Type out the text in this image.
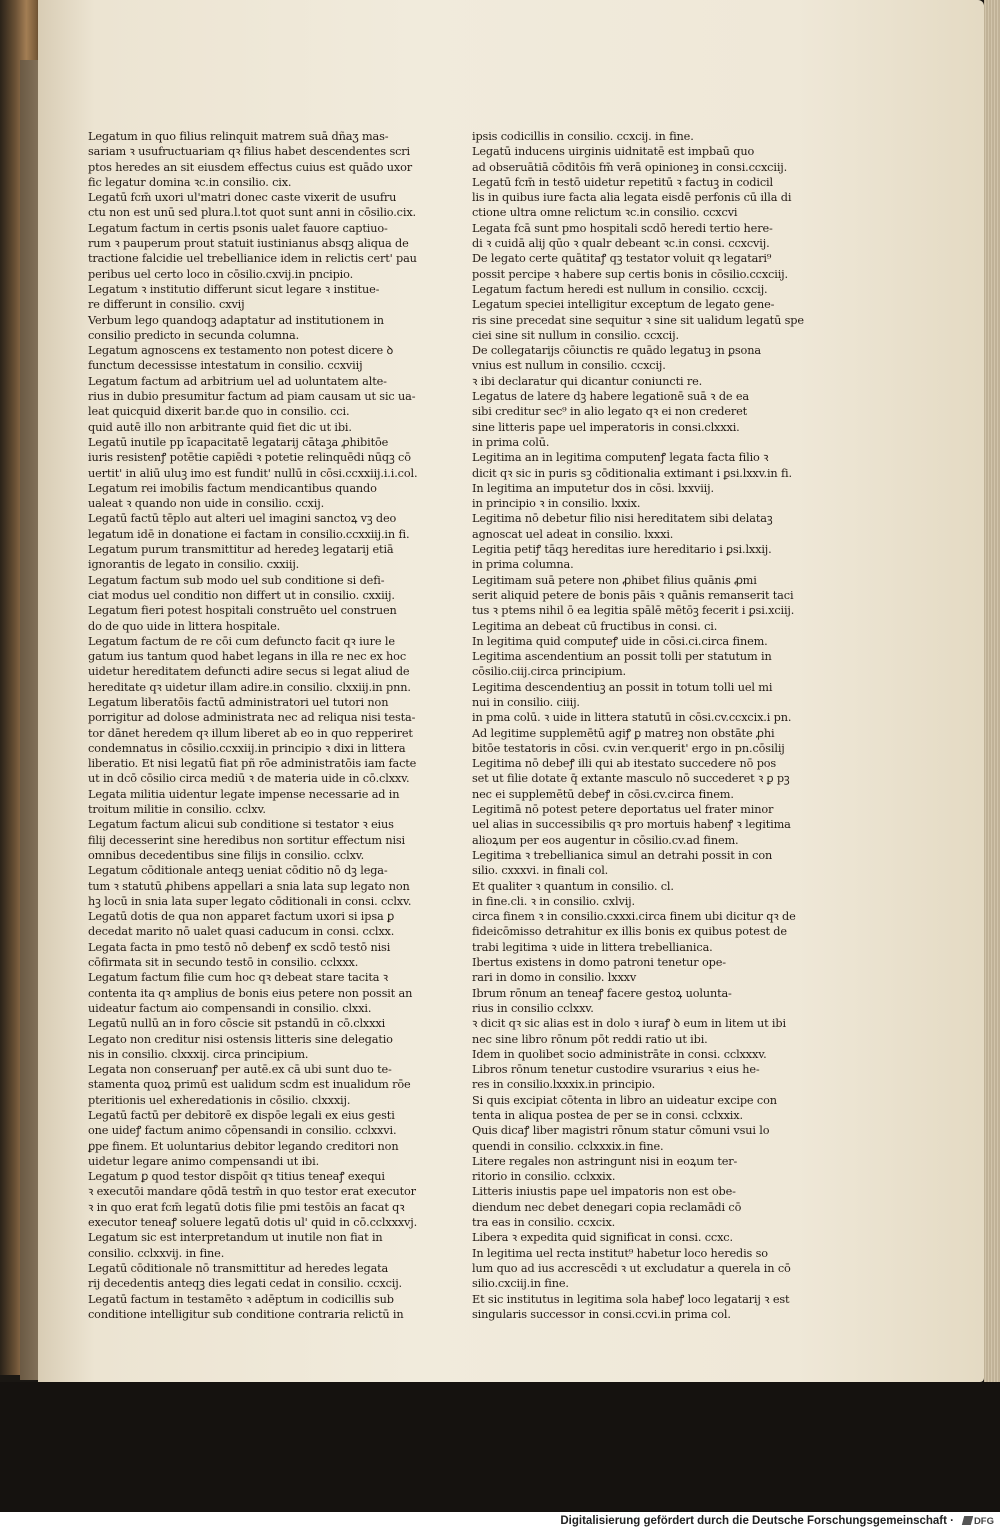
Legatum in quo filius relinquit matrem suā dñaʒ mas-
sariam ꝛ usufructuariam qꝛ filius habet descendentes scri
ptos heredes an sit eiusdem effectus cuius est quādo uxor
fic legatur domina ꝛc.in consilio. cix.
Legatū fcm̄ uxori ul'matri donec caste vixerit de usufru
ctu non est unū sed plura.l.tot quot sunt anni in cōsilio.cix.
Legatum factum in certis psonis ualet fauore captiuo-
rum ꝛ pauperum prout statuit iustinianus absqꝫ aliqua de
tractione falcidie uel trebellianice idem in relictis cert' pau
peribus uel certo loco in cōsilio.cxvij.in pncipio.
Legatum ꝛ institutio differunt sicut legare ꝛ institue-
re differunt in consilio. cxvij
Verbum lego quandoqꝫ adaptatur ad institutionem in
consilio predicto in secunda columna.
Legatum agnoscens ex testamento non potest dicere ꝺ
functum decessisse intestatum in consilio. ccxviij
Legatum factum ad arbitrium uel ad uoluntatem alte-
rius in dubio presumitur factum ad piam causam ut sic ua-
leat quicquid dixerit bar.de quo in consilio. cci.
quid autē illo non arbitrante quid fiet dic ut ibi.
Legatū inutile pp īcapacitatē legatarij cātaꝫa ꝓhibitōe
iuris resistenꝭ potētie capiēdi ꝛ potetie relinquēdi nūqꝫ cō
uertit' in aliū uluꝫ imo est fundit' nullū in cōsi.ccxxiij.i.i.col.
Legatum rei imobilis factum mendicantibus quando
ualeat ꝛ quando non uide in consilio. ccxij.
Legatū factū tēplo aut alteri uel imagini sanctoꝝ vꝫ deo
legatum idē in donatione ei factam in consilio.ccxxiij.in fi.
Legatum purum transmittitur ad heredeꝫ legatarij etiā
ignorantis de legato in consilio. cxxiij.
Legatum factum sub modo uel sub conditione si defi-
ciat modus uel conditio non differt ut in consilio. cxxiij.
Legatum fieri potest hospitali construēto uel construen
do de quo uide in littera hospitale.
Legatum factum de re cōi cum defuncto facit qꝛ iure le
gatum ius tantum quod habet legans in illa re nec ex hoc
uidetur hereditatem defuncti adire secus si legat aliud de
hereditate qꝛ uidetur illam adire.in consilio. clxxiij.in pnn.
Legatum liberatōis factū administratori uel tutori non
porrigitur ad dolose administrata nec ad reliqua nisi testa-
tor dānet heredem qꝛ illum liberet ab eo in quo repperiret
condemnatus in cōsilio.ccxxiij.in principio ꝛ dixi in littera
liberatio. Et nisi legatū fiat pñ rōe administratōis iam facte
ut in dcō cōsilio circa mediū ꝛ de materia uide in cō.clxxv.
Legata militia uidentur legate impense necessarie ad in
troitum militie in consilio. cclxv.
Legatum factum alicui sub conditione si testator ꝛ eius
filij decesserint sine heredibus non sortitur effectum nisi
omnibus decedentibus sine filijs in consilio. cclxv.
Legatum cōditionale anteqꝫ ueniat cōditio nō dꝫ lega-
tum ꝛ statutū ꝓhibens appellari a snia lata sup legato non
hꝫ locū in snia lata super legato cōditionali in consi. cclxv.
Legatū dotis de qua non apparet factum uxori si ipsa ꝑ
decedat marito nō ualet quasi caducum in consi. cclxx.
Legata facta in pmo testō nō debenꝭ ex scdō testō nisi
cōfirmata sit in secundo testō in consilio. cclxxx.
Legatum factum filie cum hoc qꝛ debeat stare tacita ꝛ
contenta ita qꝛ amplius de bonis eius petere non possit an
uideatur factum aio compensandi in consilio. clxxi.
Legatū nullū an in foro cōscie sit pstandū in cō.clxxxi
Legato non creditur nisi ostensis litteris sine delegatio
nis in consilio. clxxxij. circa principium.
Legata non conseruanꝭ per autē.ex cā ubi sunt duo te-
stamenta quoꝝ primū est ualidum scdm est inualidum rōe
pteritionis uel exheredationis in cōsilio. clxxxij.
Legatū factū per debitorē ex dispōe legali ex eius gesti
one uideꝭ factum animo cōpensandi in consilio. cclxxvi.
ꝑpe finem. Et uoluntarius debitor legando creditori non
uidetur legare animo compensandi ut ibi.
Legatum ꝑ quod testor dispōit qꝛ titius teneaꝭ exequi
ꝛ executōi mandare qōdā testm̄ in quo testor erat executor
ꝛ in quo erat fcm̄ legatū dotis filie pmi testōis an facat qꝛ
executor teneaꝭ soluere legatū dotis ul' quid in cō.cclxxxvj.
Legatum sic est interpretandum ut inutile non fiat in
consilio. cclxxvij. in fine.
Legatū cōditionale nō transmittitur ad heredes legata
rij decedentis anteqꝫ dies legati cedat in consilio. ccxcij.
Legatū factum in testamēto ꝛ adēptum in codicillis sub
conditione intelligitur sub conditione contraria relictū in
ipsis codicillis in consilio. ccxcij. in fine.
Legatū inducens uirginis uidnitatē est impbaū quo
ad obseruātiā cōditōis fm̄ verā opinioneꝫ in consi.ccxciij.
Legatū fcm̄ in testō uidetur repetitū ꝛ factuꝫ in codicil
lis in quibus iure facta alia legata eisdē perfonis cū illa di
ctione ultra omne relictum ꝛc.in consilio. ccxcvi
Legata fcā sunt pmo hospitali scdō heredi tertio here-
di ꝛ cuidā alij qūo ꝛ qualr debeant ꝛc.in consi. ccxcvij.
De legato certe quātitaꝭ qꝫ testator voluit qꝛ legatari⁹
possit percipe ꝛ habere sup certis bonis in cōsilio.ccxciij.
Legatum factum heredi est nullum in consilio. ccxcij.
Legatum speciei intelligitur exceptum de legato gene-
ris sine precedat sine sequitur ꝛ sine sit ualidum legatū spe
ciei sine sit nullum in consilio. ccxcij.
De collegatarijs cōiunctis re quādo legatuꝫ in ꝑsona
vnius est nullum in consilio. ccxcij.
ꝛ ibi declaratur qui dicantur coniuncti re.
Legatus de latere dꝫ habere legationē suā ꝛ de ea
sibi creditur sec⁹ in alio legato qꝛ ei non crederet
sine litteris pape uel imperatoris in consi.clxxxi.
in prima colū.
Legitima an in legitima computenꝭ legata facta filio ꝛ
dicit qꝛ sic in puris sꝫ cōditionalia extimant i ꝑsi.lxxv.in fi.
In legitima an imputetur dos in cōsi. lxxviij.
in principio ꝛ in consilio. lxxix.
Legitima nō debetur filio nisi hereditatem sibi delataꝫ
agnoscat uel adeat in consilio. lxxxi.
Legitia petiꝭ tāqꝫ hereditas iure hereditario i ꝑsi.lxxij.
in prima columna.
Legitimam suā petere non ꝓhibet filius quānis ꝓmi
serit aliquid petere de bonis pāis ꝛ quānis remanserit taci
tus ꝛ ptems nihil ō ea legitia spālē mētōꝫ fecerit i ꝑsi.xciij.
Legitima an debeat cū fructibus in consi. ci.
In legitima quid computeꝭ uide in cōsi.ci.circa finem.
Legitima ascendentium an possit tolli per statutum in
cōsilio.ciij.circa principium.
Legitima descendentiuꝫ an possit in totum tolli uel mi
nui in consilio. ciiij.
in pma colū. ꝛ uide in littera statutū in cōsi.cv.ccxcix.i pn.
Ad legitime supplemētū agiꝭ ꝑ matreꝫ non obstāte ꝓhi
bitōe testatoris in cōsi. cv.in ver.querit' ergo in pn.cōsilij
Legitima nō debeꝭ illi qui ab itestato succedere nō pos
set ut filie dotate q̄ extante masculo nō succederet ꝛ ꝑ pꝫ
nec ei supplemētū debeꝭ in cōsi.cv.circa finem.
Legitimā nō potest petere deportatus uel frater minor
uel alias in successibilis qꝛ pro mortuis habenꝭ ꝛ legitima
alioꝝum per eos augentur in cōsilio.cv.ad finem.
Legitima ꝛ trebellianica simul an detrahi possit in con
silio. cxxxvi. in finali col.
Et qualiter ꝛ quantum in consilio. cl.
in fine.cli. ꝛ in consilio. cxlvij.
circa finem ꝛ in consilio.cxxxi.circa finem ubi dicitur qꝛ de
fideicōmisso detrahitur ex illis bonis ex quibus potest de
trabi legitima ꝛ uide in littera trebellianica.
Ibertus existens in domo patroni tenetur ope-
rari in domo in consilio. lxxxv
Ibrum rōnum an teneaꝭ facere gestoꝝ uolunta-
rius in consilio cclxxv.
ꝛ dicit qꝛ sic alias est in dolo ꝛ iuraꝭ ꝺ eum in litem ut ibi
nec sine libro rōnum pōt reddi ratio ut ibi.
Idem in quolibet socio administrāte in consi. cclxxxv.
Libros rōnum tenetur custodire vsurarius ꝛ eius he-
res in consilio.lxxxix.in principio.
Si quis excipiat cōtenta in libro an uideatur excipe con
tenta in aliqua postea de per se in consi. cclxxix.
Quis dicaꝭ liber magistri rōnum statur cōmuni vsui lo
quendi in consilio. cclxxxix.in fine.
Litere regales non astringunt nisi in eoꝝum ter-
ritorio in consilio. cclxxix.
Litteris iniustis pape uel impatoris non est obe-
diendum nec debet denegari copia reclamādi cō
tra eas in consilio. ccxcix.
Libera ꝛ expedita quid significat in consi. ccxc.
In legitima uel recta institut⁹ habetur loco heredis so
lum quo ad ius accrescēdi ꝛ ut excludatur a querela in cō
silio.cxciij.in fine.
Et sic institutus in legitima sola habeꝭ loco legatarij ꝛ est
singularis successor in consi.ccvi.in prima col.
Digitalisierung gefördert durch die Deutsche Forschungsgemeinschaft ·	DFG
